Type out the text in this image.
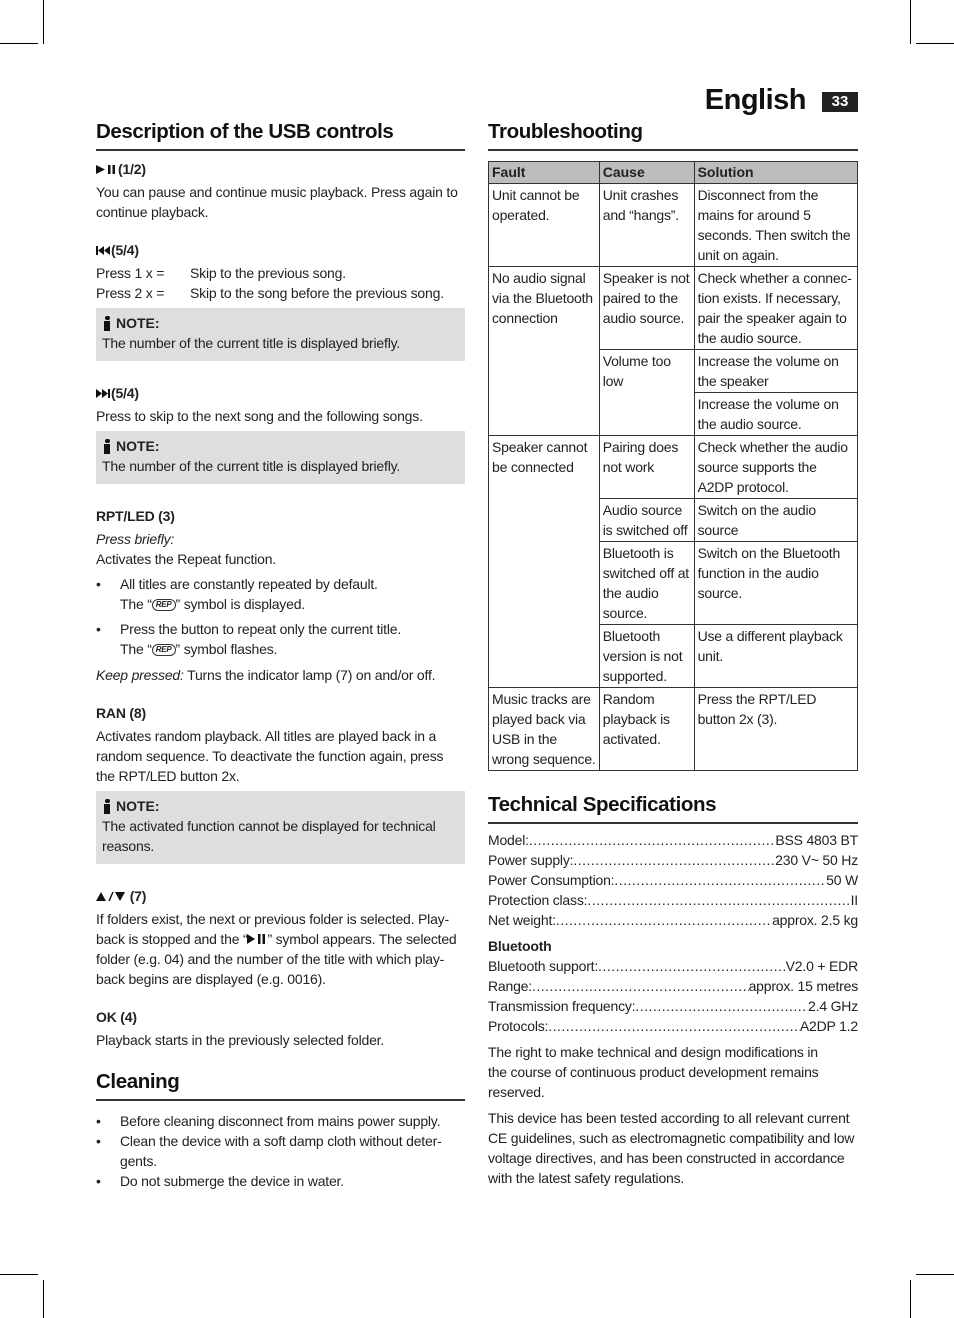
English	33
Description of the USB controls
(1/2)

You can pause and continue music playback. Press again to continue playback.

(5/4)
Press 1 x =	Skip to the previous song.
Press 2 x =	Skip to the song before the previous song.
NOTE:

The number of the current title is displayed briefly.

(5/4)

Press to skip to the next song and the following songs.

NOTE:

The number of the current title is displayed briefly.

RPT/LED (3)

Press briefly:

Activates the Repeat function.

• All titles are constantly repeated by default.
The “ REP ” symbol is displayed.
• Press the button to repeat only the current title.
The “ REP ” symbol flashes.

Keep pressed: Turns the indicator lamp (7) on and/or off.

RAN (8)

Activates random playback. All titles are played back in a random sequence. To deactivate the function again, press the RPT/LED button 2x.

NOTE:

The activated function cannot be displayed for technical reasons.

(7)

If folders exist, the next or previous folder is selected. Play-back is stopped and the “ ” symbol appears. The selected folder (e.g. 04) and the number of the title with which play-back begins are displayed (e.g. 0016).

OK (4)

Playback starts in the previously selected folder.

Cleaning
• Before cleaning disconnect from mains power supply.
• Clean the device with a soft damp cloth without deter-gents.
• Do not submerge the device in water.
Troubleshooting
Fault	Cause	Solution
Unit cannot be operated.	Unit crashes and “hangs”.	Disconnect from the mains for around 5 seconds. Then switch the unit on again.
No audio signal via the Bluetooth connection	Speaker is not paired to the audio source.	Check whether a connec-tion exists. If necessary, pair the speaker again to the audio source.
	Volume too low	Increase the volume on the speaker
		Increase the volume on the audio source.
Speaker cannot be connected	Pairing does not work	Check whether the audio source supports the A2DP protocol.
	Audio source is switched off	Switch on the audio source
	Bluetooth is switched off at the audio source.	Switch on the Bluetooth function in the audio source.
	Bluetooth version is not supported.	Use a different playback unit.
Music tracks are played back via USB in the wrong sequence.	Random playback is activated.	Press the RPT/LED button 2x (3).
Technical Specifications
Model: .....	BSS 4803 BT
Power supply: .....	230 V~ 50 Hz
Power Consumption: .....	50 W
Protection class: .....	II
Net weight: .....	approx. 2.5 kg
Bluetooth
Bluetooth support: .....	V2.0 + EDR
Range: .....	approx. 15 metres
Transmission frequency: .....	2.4 GHz
Protocols: .....	A2DP 1.2

The right to make technical and design modifications in the course of continuous product development remains reserved.

This device has been tested according to all relevant current CE guidelines, such as electromagnetic compatibility and low voltage directives, and has been constructed in accordance with the latest safety regulations.
